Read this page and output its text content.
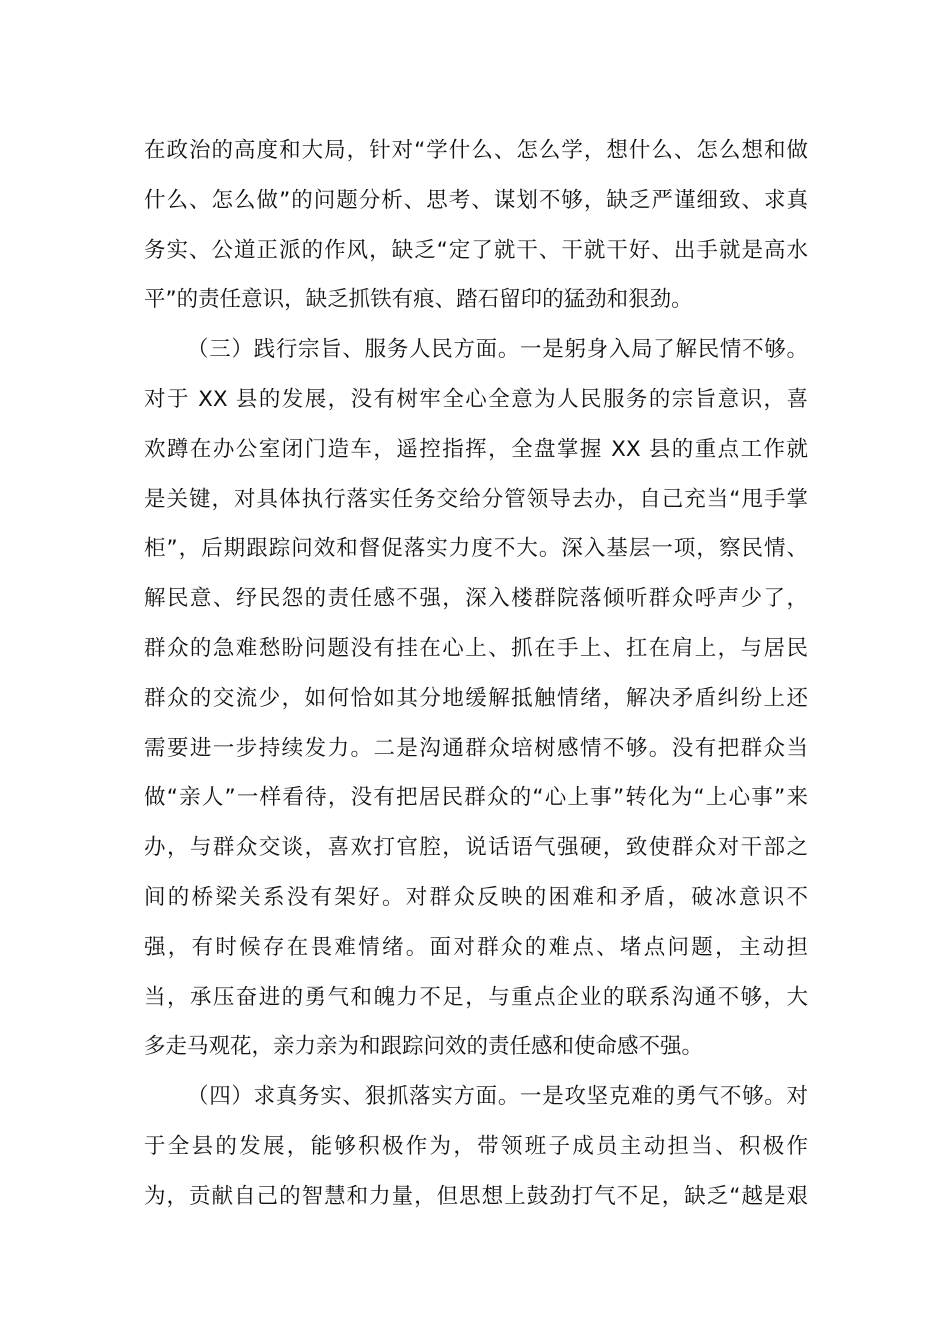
在政治的高度和大局，针对“学什么、怎么学，想什么、怎么想和做
什么、怎么做”的问题分析、思考、谋划不够，缺乏严谨细致、求真
务实、公道正派的作风，缺乏“定了就干、干就干好、出手就是高水
平”的责任意识，缺乏抓铁有痕、踏石留印的猛劲和狠劲。
（三）践行宗旨、服务人民方面。一是躬身入局了解民情不够。
对于 XX 县的发展，没有树牢全心全意为人民服务的宗旨意识，喜
欢蹲在办公室闭门造车，遥控指挥，全盘掌握 XX 县的重点工作就
是关键，对具体执行落实任务交给分管领导去办，自己充当“甩手掌
柜”，后期跟踪问效和督促落实力度不大。深入基层一项，察民情、
解民意、纾民怨的责任感不强，深入楼群院落倾听群众呼声少了，
群众的急难愁盼问题没有挂在心上、抓在手上、扛在肩上，与居民
群众的交流少，如何恰如其分地缓解抵触情绪，解决矛盾纠纷上还
需要进一步持续发力。二是沟通群众培树感情不够。没有把群众当
做“亲人”一样看待，没有把居民群众的“心上事”转化为“上心事”来
办，与群众交谈，喜欢打官腔，说话语气强硬，致使群众对干部之
间的桥梁关系没有架好。对群众反映的困难和矛盾，破冰意识不
强，有时候存在畏难情绪。面对群众的难点、堵点问题，主动担
当，承压奋进的勇气和魄力不足，与重点企业的联系沟通不够，大
多走马观花，亲力亲为和跟踪问效的责任感和使命感不强。
（四）求真务实、狠抓落实方面。一是攻坚克难的勇气不够。对
于全县的发展，能够积极作为，带领班子成员主动担当、积极作
为，贡献自己的智慧和力量，但思想上鼓劲打气不足，缺乏“越是艰
